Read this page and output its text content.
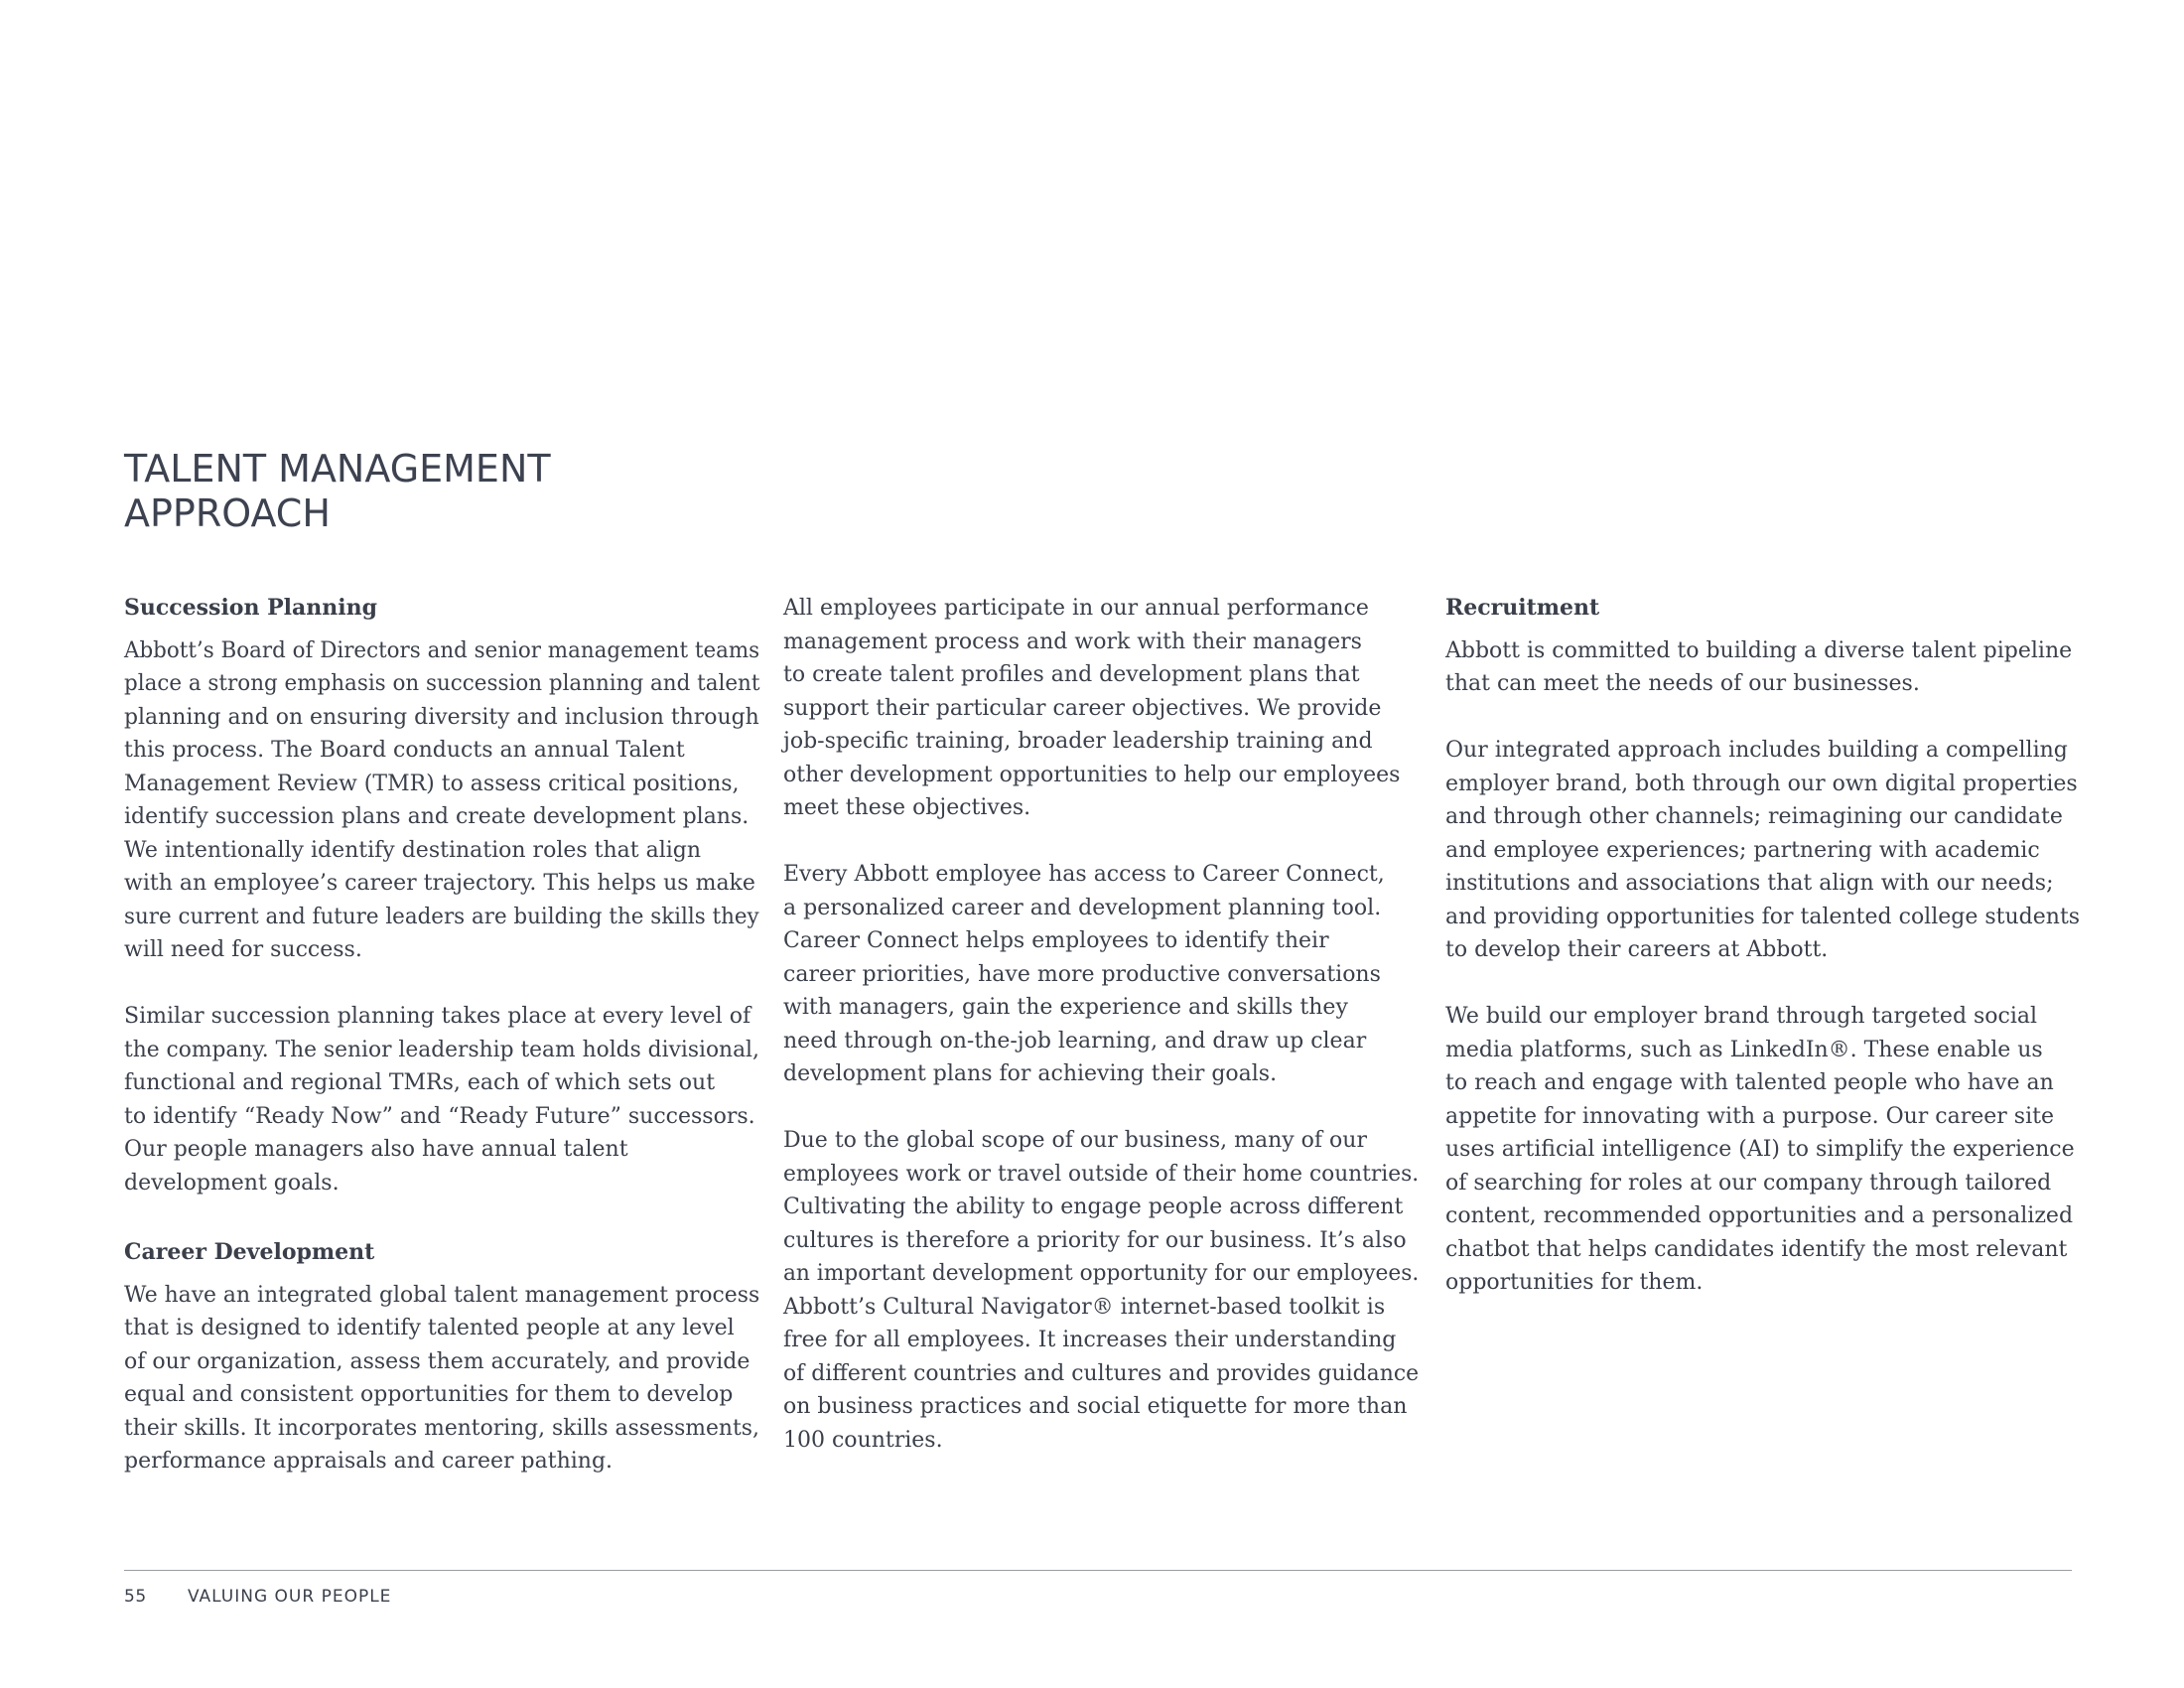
TALENT MANAGEMENT
APPROACH
Succession Planning
Abbott’s Board of Directors and senior management teams
place a strong emphasis on succession planning and talent
planning and on ensuring diversity and inclusion through
this process. The Board conducts an annual Talent
Management Review (TMR) to assess critical positions,
identify succession plans and create development plans.
We intentionally identify destination roles that align
with an employee’s career trajectory. This helps us make
sure current and future leaders are building the skills they
will need for success.
Similar succession planning takes place at every level of
the company. The senior leadership team holds divisional,
functional and regional TMRs, each of which sets out
to identify “Ready Now” and “Ready Future” successors.
Our people managers also have annual talent
development goals.
Career Development
We have an integrated global talent management process
that is designed to identify talented people at any level
of our organization, assess them accurately, and provide
equal and consistent opportunities for them to develop
their skills. It incorporates mentoring, skills assessments,
performance appraisals and career pathing.
All employees participate in our annual performance
management process and work with their managers
to create talent profiles and development plans that
support their particular career objectives. We provide
job-specific training, broader leadership training and
other development opportunities to help our employees
meet these objectives.
Every Abbott employee has access to Career Connect,
a personalized career and development planning tool.
Career Connect helps employees to identify their
career priorities, have more productive conversations
with managers, gain the experience and skills they
need through on-the-job learning, and draw up clear
development plans for achieving their goals.
Due to the global scope of our business, many of our
employees work or travel outside of their home countries.
Cultivating the ability to engage people across different
cultures is therefore a priority for our business. It’s also
an important development opportunity for our employees.
Abbott’s Cultural Navigator® internet-based toolkit is
free for all employees. It increases their understanding
of different countries and cultures and provides guidance
on business practices and social etiquette for more than
100 countries.
Recruitment
Abbott is committed to building a diverse talent pipeline
that can meet the needs of our businesses.
Our integrated approach includes building a compelling
employer brand, both through our own digital properties
and through other channels; reimagining our candidate
and employee experiences; partnering with academic
institutions and associations that align with our needs;
and providing opportunities for talented college students
to develop their careers at Abbott.
We build our employer brand through targeted social
media platforms, such as LinkedIn®. These enable us
to reach and engage with talented people who have an
appetite for innovating with a purpose. Our career site
uses artificial intelligence (AI) to simplify the experience
of searching for roles at our company through tailored
content, recommended opportunities and a personalized
chatbot that helps candidates identify the most relevant
opportunities for them.
55 VALUING OUR PEOPLE
